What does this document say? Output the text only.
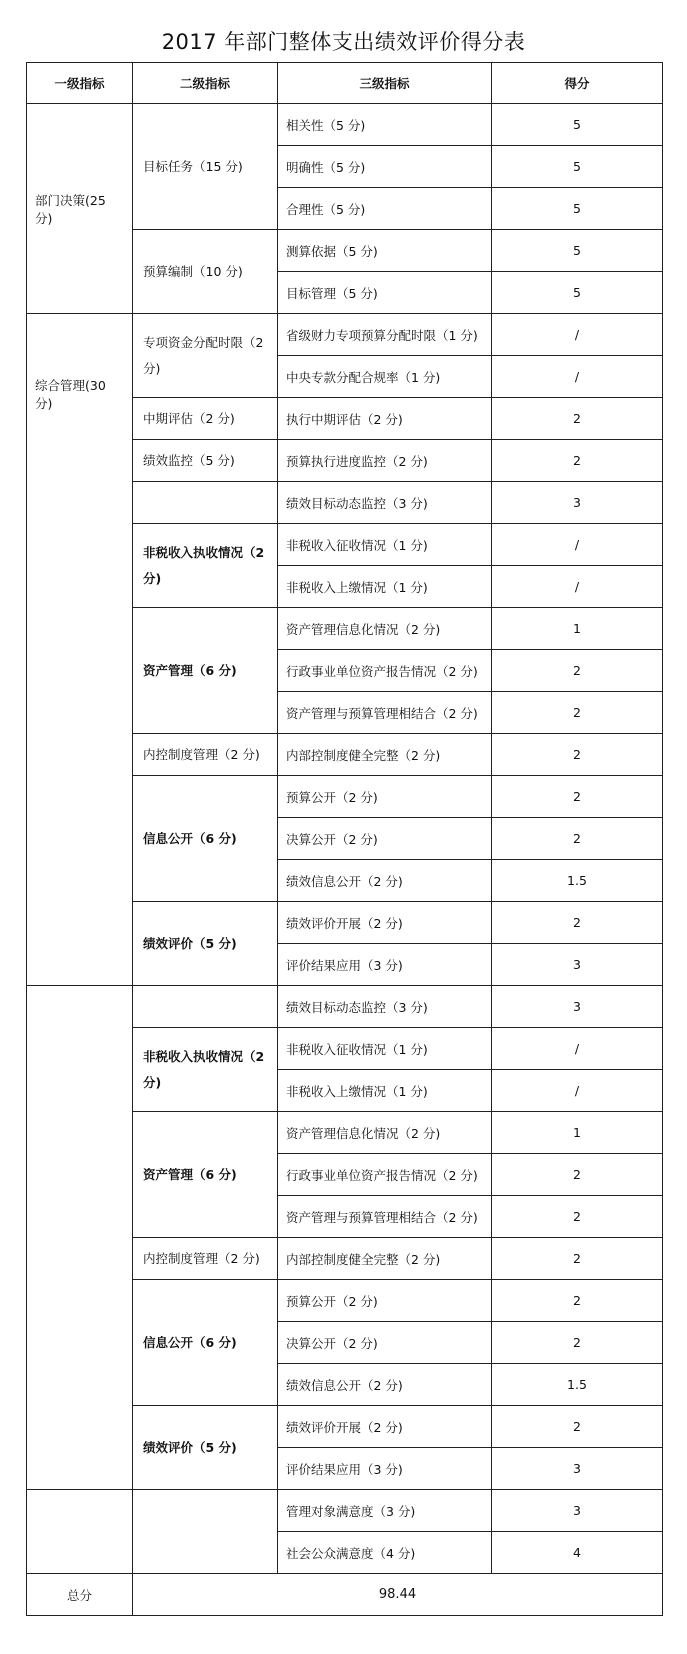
2017 年部门整体支出绩效评价得分表
一级指标	二级指标	三级指标	得分
部门决策(25 分)	目标任务（15 分)	相关性（5 分)	5
		明确性（5 分)	5
		合理性（5 分)	5
	预算编制（10 分)	测算依据（5 分)	5
		目标管理（5 分)	5
综合管理(30 分)	专项资金分配时限（2 分)	省级财力专项预算分配时限（1 分)	/
		中央专款分配合规率（1 分)	/
	中期评估（2 分)	执行中期评估（2 分)	2
	绩效监控（5 分)	预算执行进度监控（2 分)	2
		绩效目标动态监控（3 分)	3
	非税收入执收情况（2 分)	非税收入征收情况（1 分)	/
		非税收入上缴情况（1 分)	/
	资产管理（6 分)	资产管理信息化情况（2 分)	1
		行政事业单位资产报告情况（2 分)	2
		资产管理与预算管理相结合（2 分)	2
	内控制度管理（2 分)	内部控制度健全完整（2 分)	2
	信息公开（6 分)	预算公开（2 分)	2
		决算公开（2 分)	2
		绩效信息公开（2 分)	1.5
	绩效评价（5 分)	绩效评价开展（2 分)	2
		评价结果应用（3 分)	3
		绩效目标动态监控（3 分)	3
	非税收入执收情况（2 分)	非税收入征收情况（1 分)	/
		非税收入上缴情况（1 分)	/
	资产管理（6 分)	资产管理信息化情况（2 分)	1
		行政事业单位资产报告情况（2 分)	2
		资产管理与预算管理相结合（2 分)	2
	内控制度管理（2 分)	内部控制度健全完整（2 分)	2
	信息公开（6 分)	预算公开（2 分)	2
		决算公开（2 分)	2
		绩效信息公开（2 分)	1.5
	绩效评价（5 分)	绩效评价开展（2 分)	2
		评价结果应用（3 分)	3
		管理对象满意度（3 分)	3
		社会公众满意度（4 分)	4
总分	98.44		
